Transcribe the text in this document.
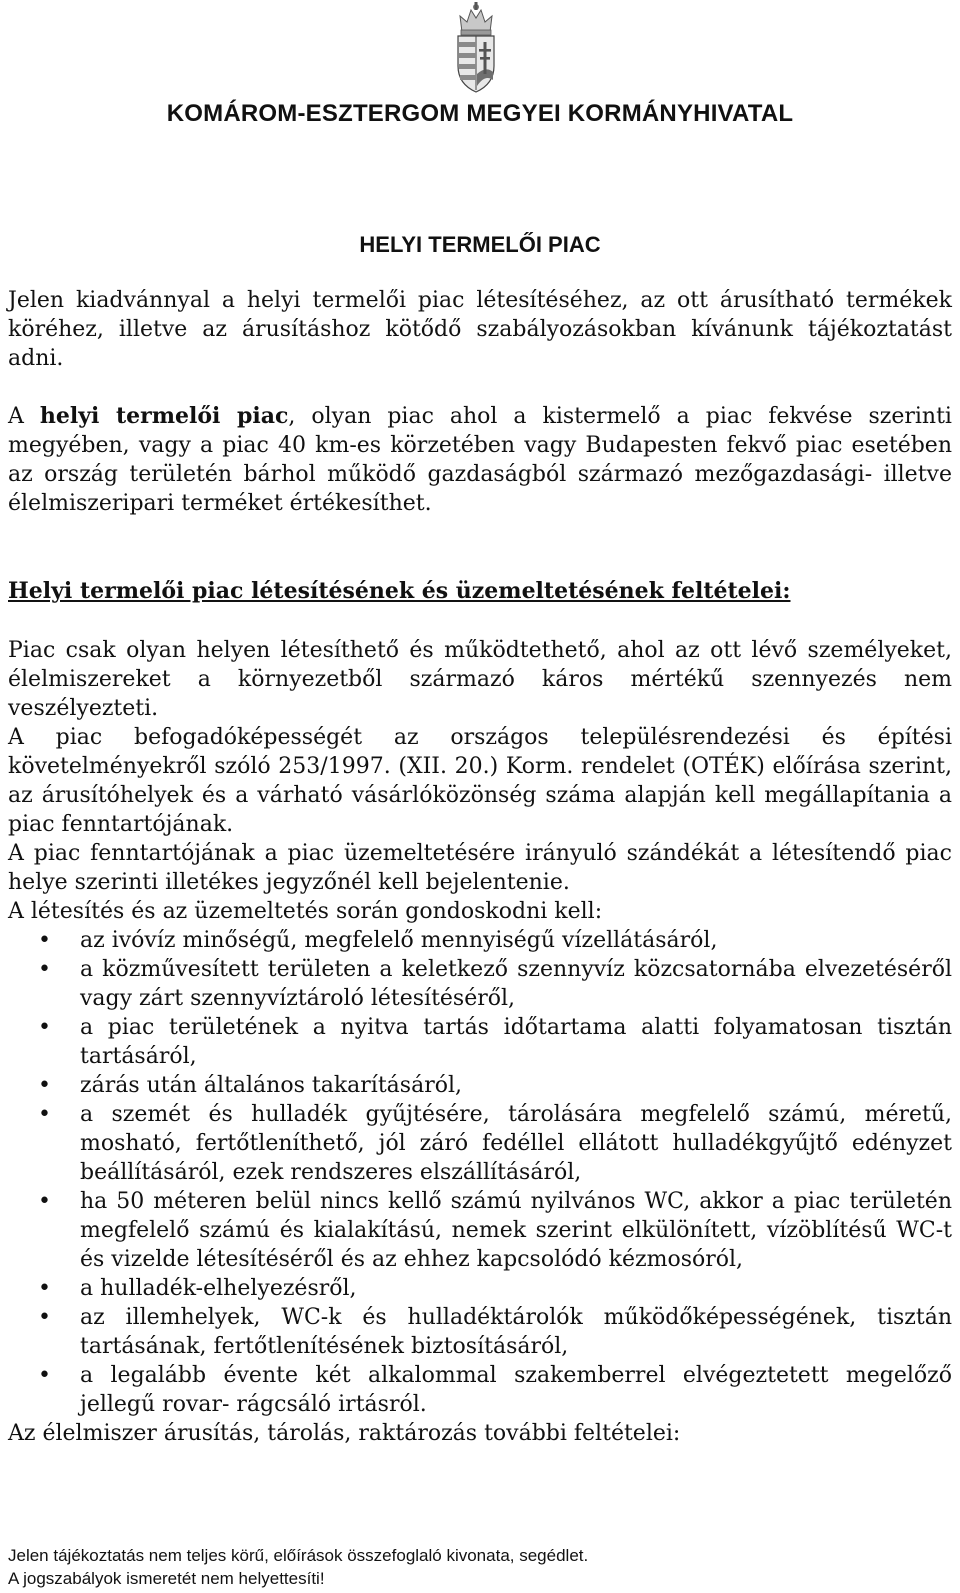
KOMÁROM-ESZTERGOM MEGYEI KORMÁNYHIVATAL
HELYI TERMELŐI PIAC

Jelen kiadvánnyal a helyi termelői piac létesítéséhez, az ott árusítható termékek köréhez, illetve az árusításhoz kötődő szabályozásokban kívánunk tájékoztatást adni.

A helyi termelői piac, olyan piac ahol a kistermelő a piac fekvése szerinti megyében, vagy a piac 40 km-es körzetében vagy Budapesten fekvő piac esetében az ország területén bárhol működő gazdaságból származó mezőgazdasági- illetve élelmiszeripari terméket értékesíthet.

Helyi termelői piac létesítésének és üzemeltetésének feltételei:

Piac csak olyan helyen létesíthető és működtethető, ahol az ott lévő személyeket, élelmiszereket a környezetből származó káros mértékű szennyezés nem veszélyezteti.

A piac befogadóképességét az országos településrendezési és építési követelményekről szóló 253/1997. (XII. 20.) Korm. rendelet (OTÉK) előírása szerint, az árusítóhelyek és a várható vásárlóközönség száma alapján kell megállapítania a piac fenntartójának.

A piac fenntartójának a piac üzemeltetésére irányuló szándékát a létesítendő piac helye szerinti illetékes jegyzőnél kell bejelentenie.

A létesítés és az üzemeltetés során gondoskodni kell:

• az ivóvíz minőségű, megfelelő mennyiségű vízellátásáról,
• a közművesített területen a keletkező szennyvíz közcsatornába elvezetéséről vagy zárt szennyvíztároló létesítéséről,
• a piac területének a nyitva tartás időtartama alatti folyamatosan tisztán tartásáról,
• zárás után általános takarításáról,
• a szemét és hulladék gyűjtésére, tárolására megfelelő számú, méretű, mosható, fertőtleníthető, jól záró fedéllel ellátott hulladékgyűjtő edényzet beállításáról, ezek rendszeres elszállításáról,
• ha 50 méteren belül nincs kellő számú nyilvános WC, akkor a piac területén megfelelő számú és kialakítású, nemek szerint elkülönített, vízöblítésű WC-t és vizelde létesítéséről és az ehhez kapcsolódó kézmosóról,
• a hulladék-elhelyezésről,
• az illemhelyek, WC-k és hulladéktárolók működőképességének, tisztán tartásának, fertőtlenítésének biztosításáról,
• a legalább évente két alkalommal szakemberrel elvégeztetett megelőző jellegű rovar- rágcsáló irtásról.

Az élelmiszer árusítás, tárolás, raktározás további feltételei:

Jelen tájékoztatás nem teljes körű, előírások összefoglaló kivonata, segédlet.
A jogszabályok ismeretét nem helyettesíti!
